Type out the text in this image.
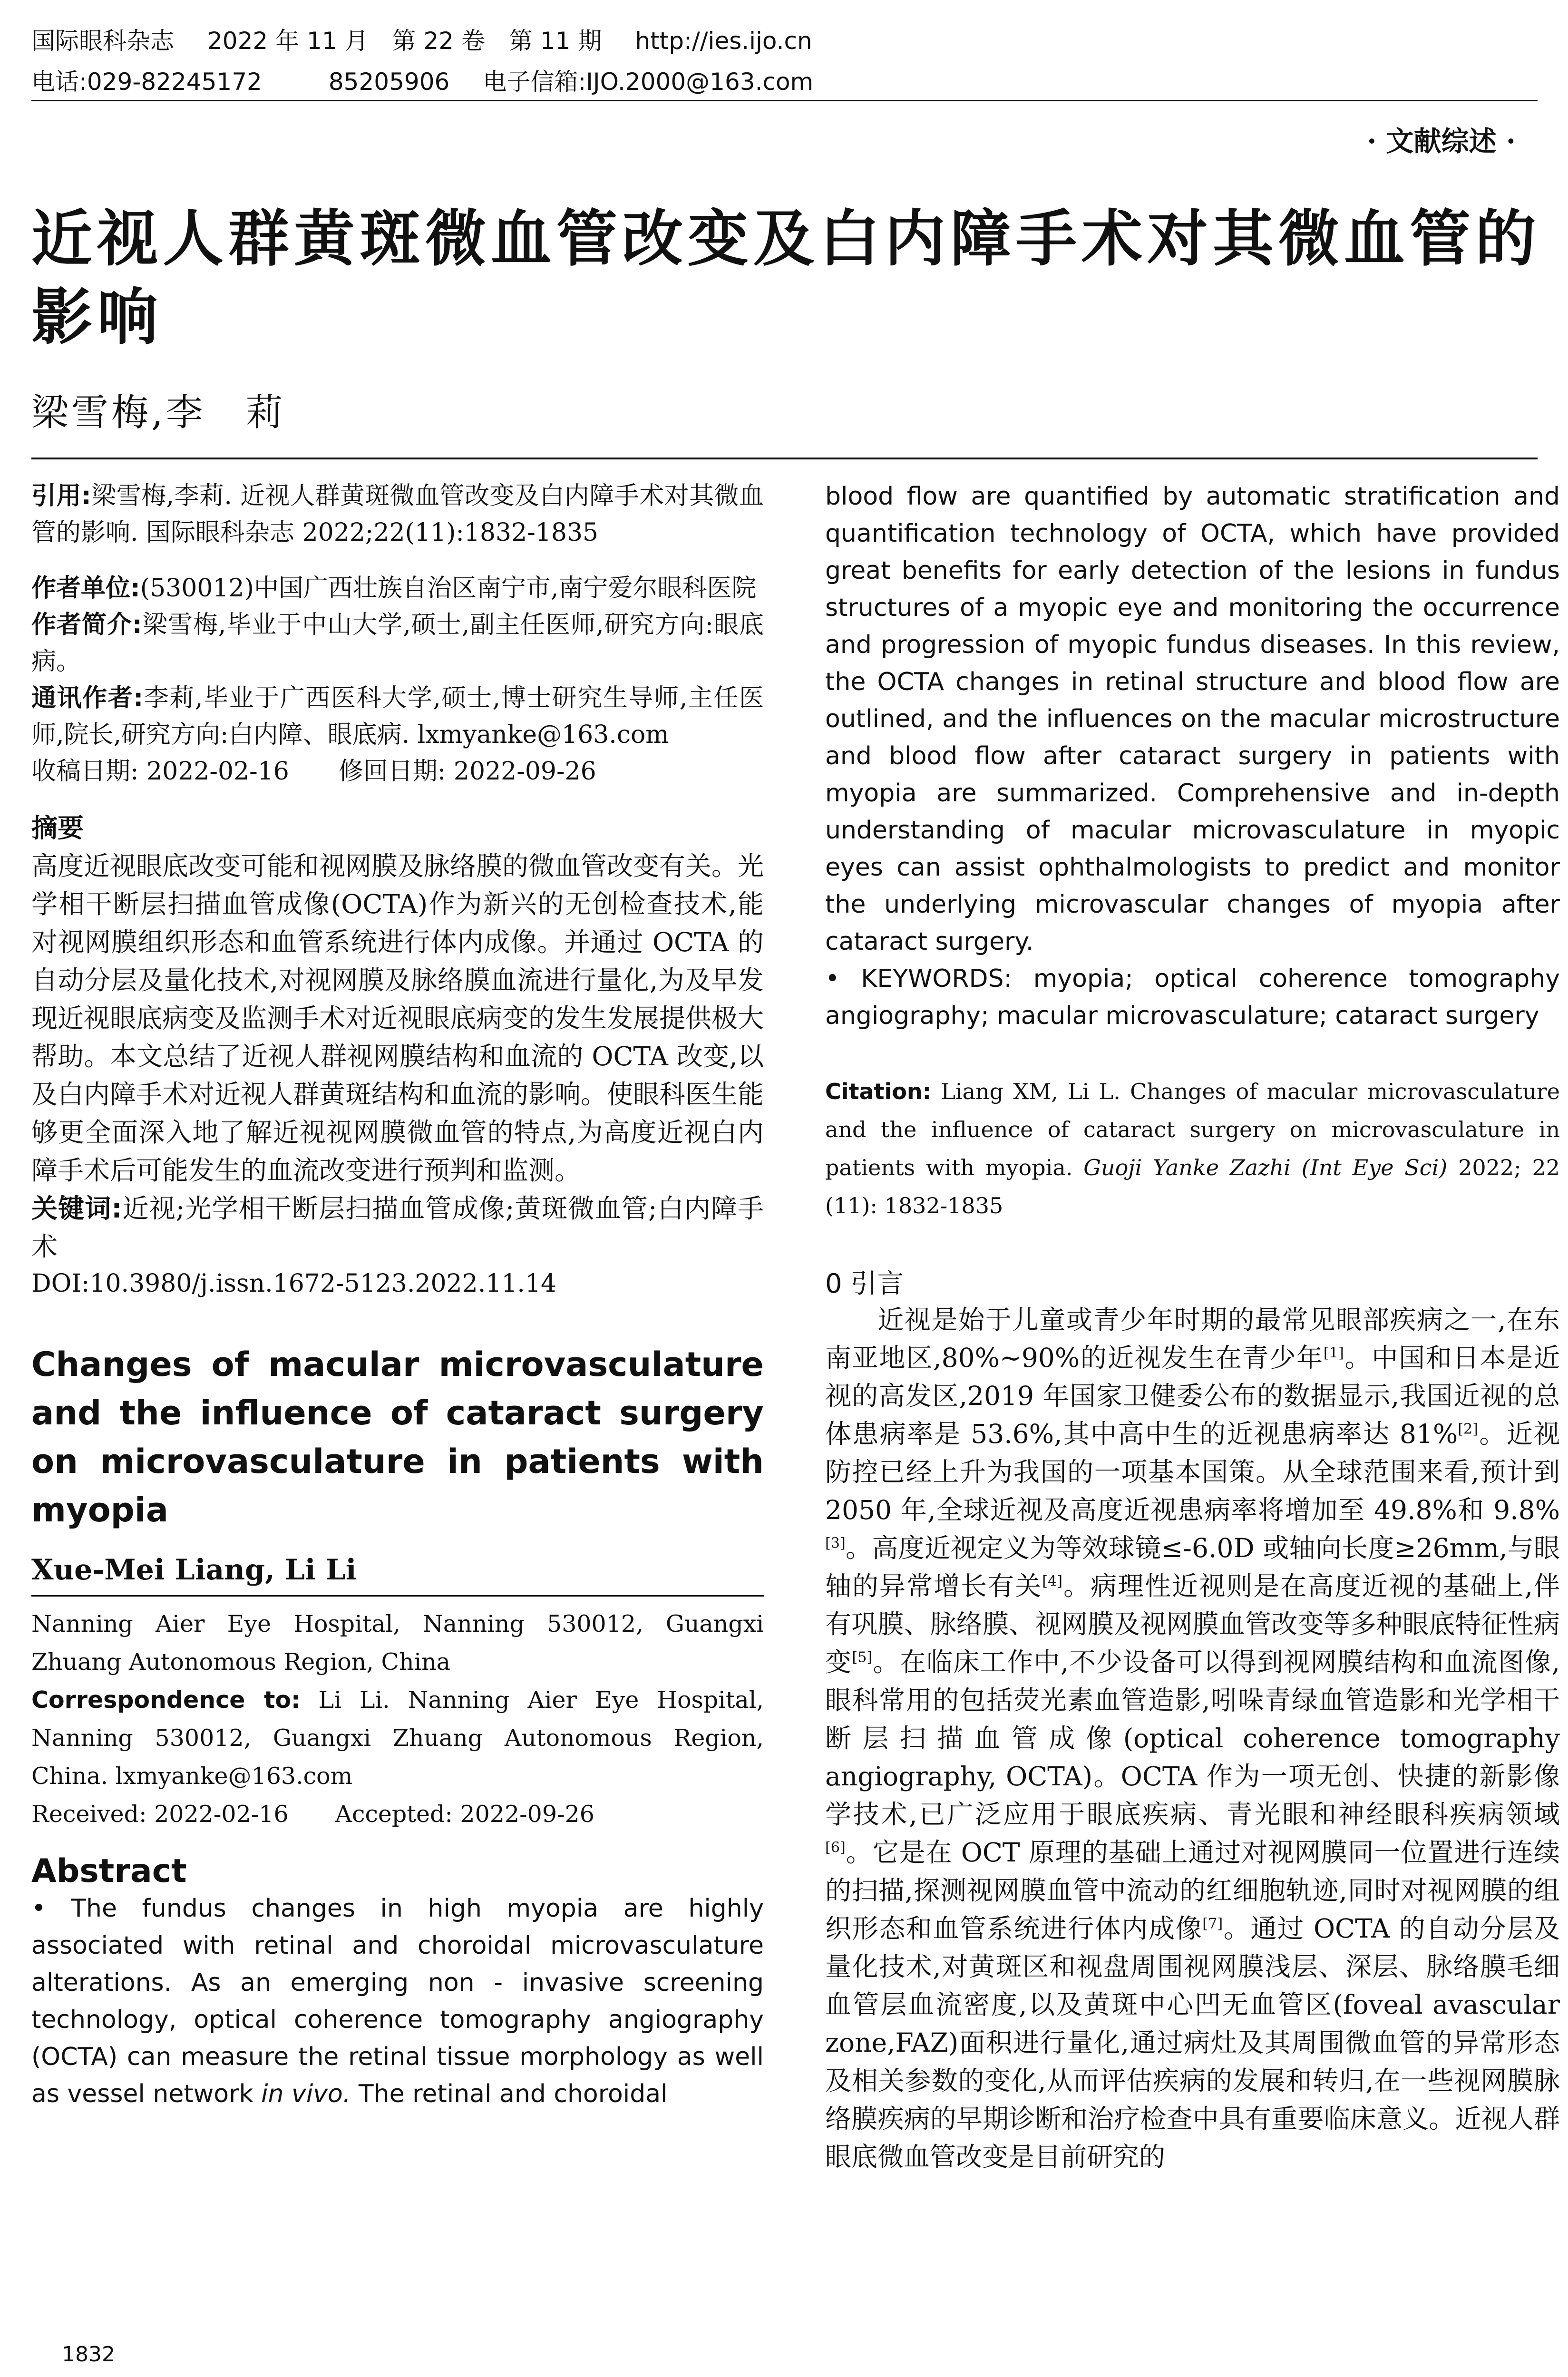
国际眼科杂志 2022 年 11 月　第 22 卷　第 11 期 http://ies.ijo.cn
电话:029-82245172	85205906 电子信箱:IJO.2000@163.com
· 文献综述 ·
近视人群黄斑微血管改变及白内障手术对其微血管的影响
梁雪梅,李　莉

引用:梁雪梅,李莉. 近视人群黄斑微血管改变及白内障手术对其微血管的影响. 国际眼科杂志 2022;22(11):1832-1835

作者单位:(530012)中国广西壮族自治区南宁市,南宁爱尔眼科医院

作者简介:梁雪梅,毕业于中山大学,硕士,副主任医师,研究方向:眼底病。

通讯作者:李莉,毕业于广西医科大学,硕士,博士研究生导师,主任医师,院长,研究方向:白内障、眼底病. lxmyanke@163.com

收稿日期: 2022-02-16　　修回日期: 2022-09-26

摘要

高度近视眼底改变可能和视网膜及脉络膜的微血管改变有关。光学相干断层扫描血管成像(OCTA)作为新兴的无创检查技术,能对视网膜组织形态和血管系统进行体内成像。并通过 OCTA 的自动分层及量化技术,对视网膜及脉络膜血流进行量化,为及早发现近视眼底病变及监测手术对近视眼底病变的发生发展提供极大帮助。本文总结了近视人群视网膜结构和血流的 OCTA 改变,以及白内障手术对近视人群黄斑结构和血流的影响。使眼科医生能够更全面深入地了解近视视网膜微血管的特点,为高度近视白内障手术后可能发生的血流改变进行预判和监测。

关键词:近视;光学相干断层扫描血管成像;黄斑微血管;白内障手术

DOI:10.3980/j.issn.1672-5123.2022.11.14

Changes of macular microvasculature and the influence of cataract surgery on microvasculature in patients with myopia

Xue-Mei Liang, Li Li

Nanning Aier Eye Hospital, Nanning 530012, Guangxi Zhuang Autonomous Region, China

Correspondence to: Li Li. Nanning Aier Eye Hospital, Nanning 530012, Guangxi Zhuang Autonomous Region, China. lxmyanke@163.com

Received: 2022-02-16　　Accepted: 2022-09-26

Abstract

• The fundus changes in high myopia are highly associated with retinal and choroidal microvasculature alterations. As an emerging non - invasive screening technology, optical coherence tomography angiography (OCTA) can measure the retinal tissue morphology as well as vessel network in vivo. The retinal and choroidal

blood flow are quantified by automatic stratification and quantification technology of OCTA, which have provided great benefits for early detection of the lesions in fundus structures of a myopic eye and monitoring the occurrence and progression of myopic fundus diseases. In this review, the OCTA changes in retinal structure and blood flow are outlined, and the influences on the macular microstructure and blood flow after cataract surgery in patients with myopia are summarized. Comprehensive and in-depth understanding of macular microvasculature in myopic eyes can assist ophthalmologists to predict and monitor the underlying microvascular changes of myopia after cataract surgery.

• KEYWORDS: myopia; optical coherence tomography angiography; macular microvasculature; cataract surgery

Citation: Liang XM, Li L. Changes of macular microvasculature and the influence of cataract surgery on microvasculature in patients with myopia. Guoji Yanke Zazhi (Int Eye Sci) 2022; 22 (11): 1832-1835

0 引言

近视是始于儿童或青少年时期的最常见眼部疾病之一,在东南亚地区,80%~90%的近视发生在青少年[1]。中国和日本是近视的高发区,2019 年国家卫健委公布的数据显示,我国近视的总体患病率是 53.6%,其中高中生的近视患病率达 81%[2]。近视防控已经上升为我国的一项基本国策。从全球范围来看,预计到 2050 年,全球近视及高度近视患病率将增加至 49.8%和 9.8%[3]。高度近视定义为等效球镜≤-6.0D 或轴向长度≥26mm,与眼轴的异常增长有关[4]。病理性近视则是在高度近视的基础上,伴有巩膜、脉络膜、视网膜及视网膜血管改变等多种眼底特征性病变[5]。在临床工作中,不少设备可以得到视网膜结构和血流图像,眼科常用的包括荧光素血管造影,吲哚青绿血管造影和光学相干断层扫描血管成像(optical coherence tomography angiography, OCTA)。OCTA 作为一项无创、快捷的新影像学技术,已广泛应用于眼底疾病、青光眼和神经眼科疾病领域[6]。它是在 OCT 原理的基础上通过对视网膜同一位置进行连续的扫描,探测视网膜血管中流动的红细胞轨迹,同时对视网膜的组织形态和血管系统进行体内成像[7]。通过 OCTA 的自动分层及量化技术,对黄斑区和视盘周围视网膜浅层、深层、脉络膜毛细血管层血流密度,以及黄斑中心凹无血管区(foveal avascular zone,FAZ)面积进行量化,通过病灶及其周围微血管的异常形态及相关参数的变化,从而评估疾病的发展和转归,在一些视网膜脉络膜疾病的早期诊断和治疗检查中具有重要临床意义。近视人群眼底微血管改变是目前研究的

1832
